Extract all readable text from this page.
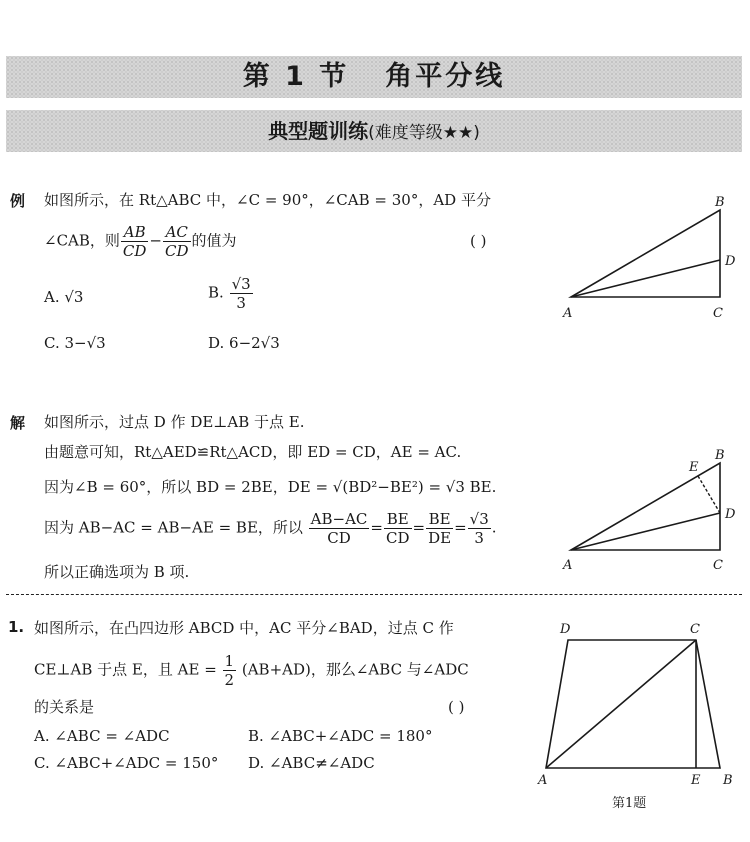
第 1 节 角平分线
典型题训练(难度等级★★)
例 如图所示，在 Rt△ABC 中，∠C = 90°，∠CAB = 30°，AD 平分
∠CAB，则 $\frac{AB}{CD} - \frac{AC}{CD}$ 的值为	( )
A. √3	B. $\frac{√3}{3}$
C. 3−√3	D. 6−2√3
A
B
C
D
解 如图所示，过点 D 作 DE⊥AB 于点 E.
由题意可知，Rt△AED≌Rt△ACD，即 ED = CD，AE = AC.
因为∠B = 60°，所以 BD = 2BE，DE = √(BD²−BE²) = √3 BE.
因为 AB−AC = AB−AE = BE，所以 $\frac{AB-AC}{CD} = \frac{BE}{CD} = \frac{BE}{DE} = \frac{√3}{3}$ .
所以正确选项为 B 项.	A
B
C
D
E
1. 如图所示，在凸四边形 ABCD 中，AC 平分∠BAD，过点 C 作
CE⊥AB 于点 E，且 AE = $\frac{1}{2} (AB+AD)$，那么∠ABC 与∠ADC
的关系是	( )
A. ∠ABC = ∠ADC	B. ∠ABC+∠ADC = 180°
C. ∠ABC+∠ADC = 150° D. ∠ABC≠∠ADC
A	B
C
D
E
第1题
